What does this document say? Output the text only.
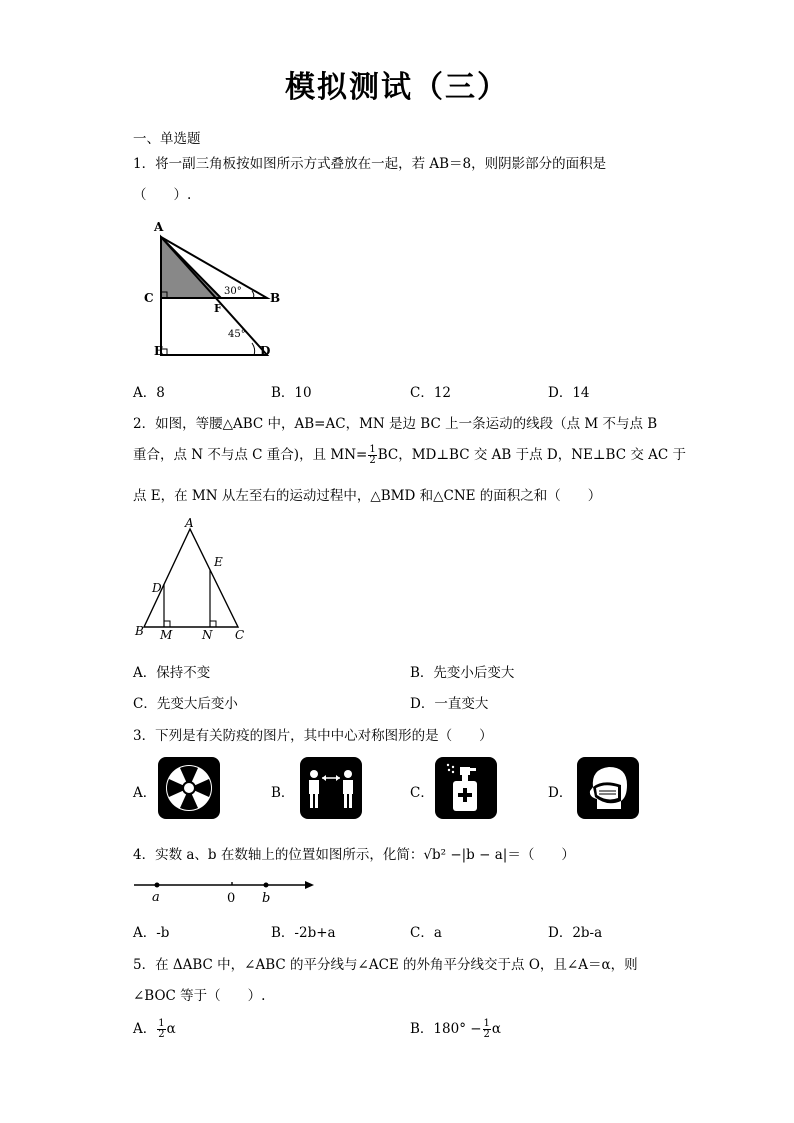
模拟测试（三）
一、单选题
1．将一副三角板按如图所示方式叠放在一起，若 AB＝8，则阴影部分的面积是
（　　）.
A
C	B
F
30°
45°
E	D
A．8	B．10	C．12	D．14
2．如图，等腰△ABC 中，AB=AC，MN 是边 BC 上一条运动的线段（点 M 不与点 B
重合，点 N 不与点 C 重合)，且 $MN= \frac{1}{2}$ BC，MD⊥BC 交 AB 于点 D，NE⊥BC 交 AC 于
点 E，在 MN 从左至右的运动过程中，△BMD 和△CNE 的面积之和（　　）
A
E
D
B M N C
A．保持不变	B．先变小后变大
C．先变大后变小	D．一直变大
3．下列是有关防疫的图片，其中中心对称图形的是（　　）
A．	B．	C．	D．
4．实数 a、b 在数轴上的位置如图所示，化简：√b² −|b − a|＝（　　）
a	0 b
A．-b	B．-2b+a	C．a	D．2b-a
5．在 ΔABC 中，∠ABC 的平分线与∠ACE 的外角平分线交于点 O，且∠A＝α，则
∠BOC 等于（　　）.
A． $\frac{1}{2}$ α	B．$180^\circ - \frac{1}{2}$ α
